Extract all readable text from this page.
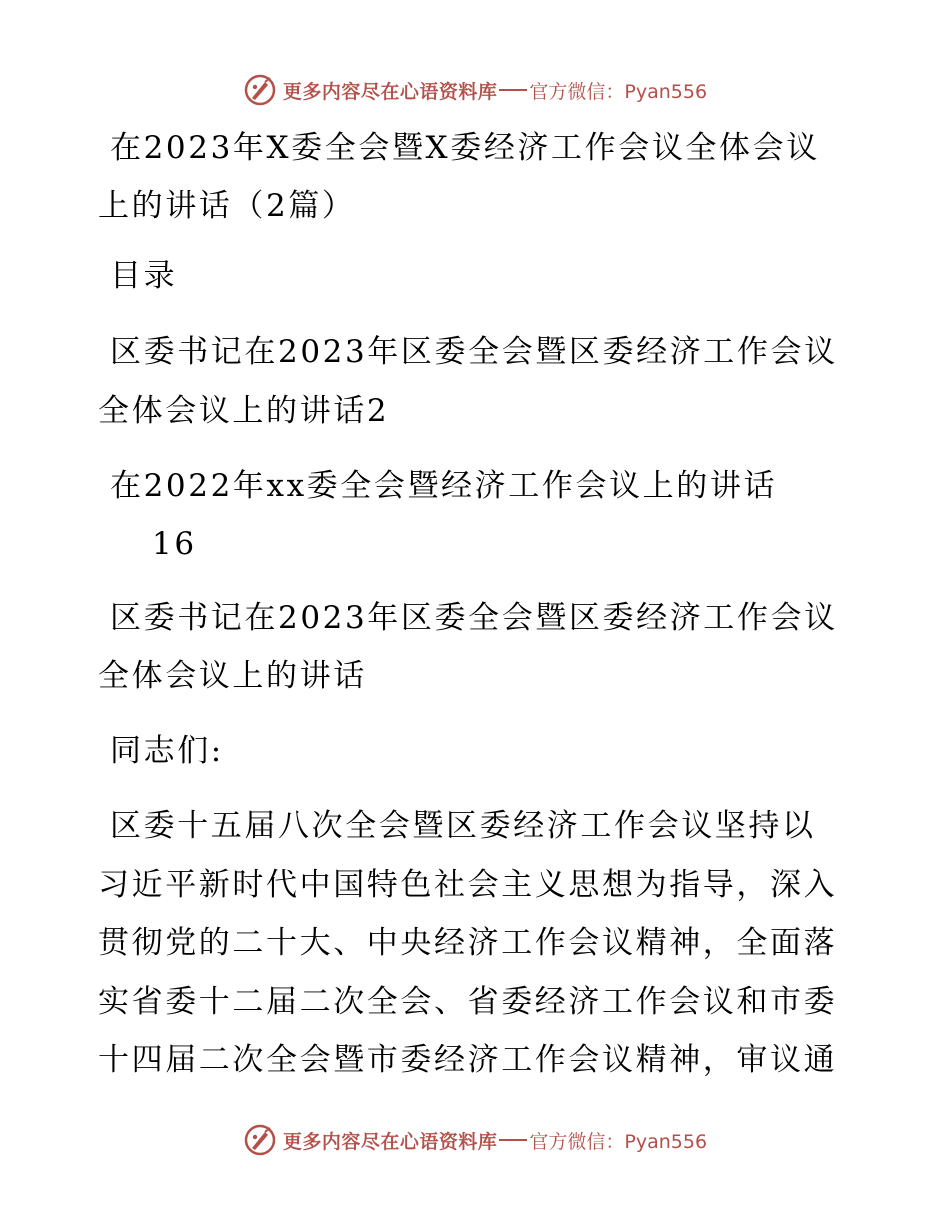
更多内容尽在心语资料库 官方微信：Pyan556
在2023年X委全会暨X委经济工作会议全体会议
上的讲话（2篇）
目录
区委书记在2023年区委全会暨区委经济工作会议
全体会议上的讲话2
在2022年xx委全会暨经济工作会议上的讲话
16
区委书记在2023年区委全会暨区委经济工作会议
全体会议上的讲话
同志们:
区委十五届八次全会暨区委经济工作会议坚持以
习近平新时代中国特色社会主义思想为指导，深入
贯彻党的二十大、中央经济工作会议精神，全面落
实省委十二届二次全会、省委经济工作会议和市委
十四届二次全会暨市委经济工作会议精神，审议通
更多内容尽在心语资料库 官方微信：Pyan556
